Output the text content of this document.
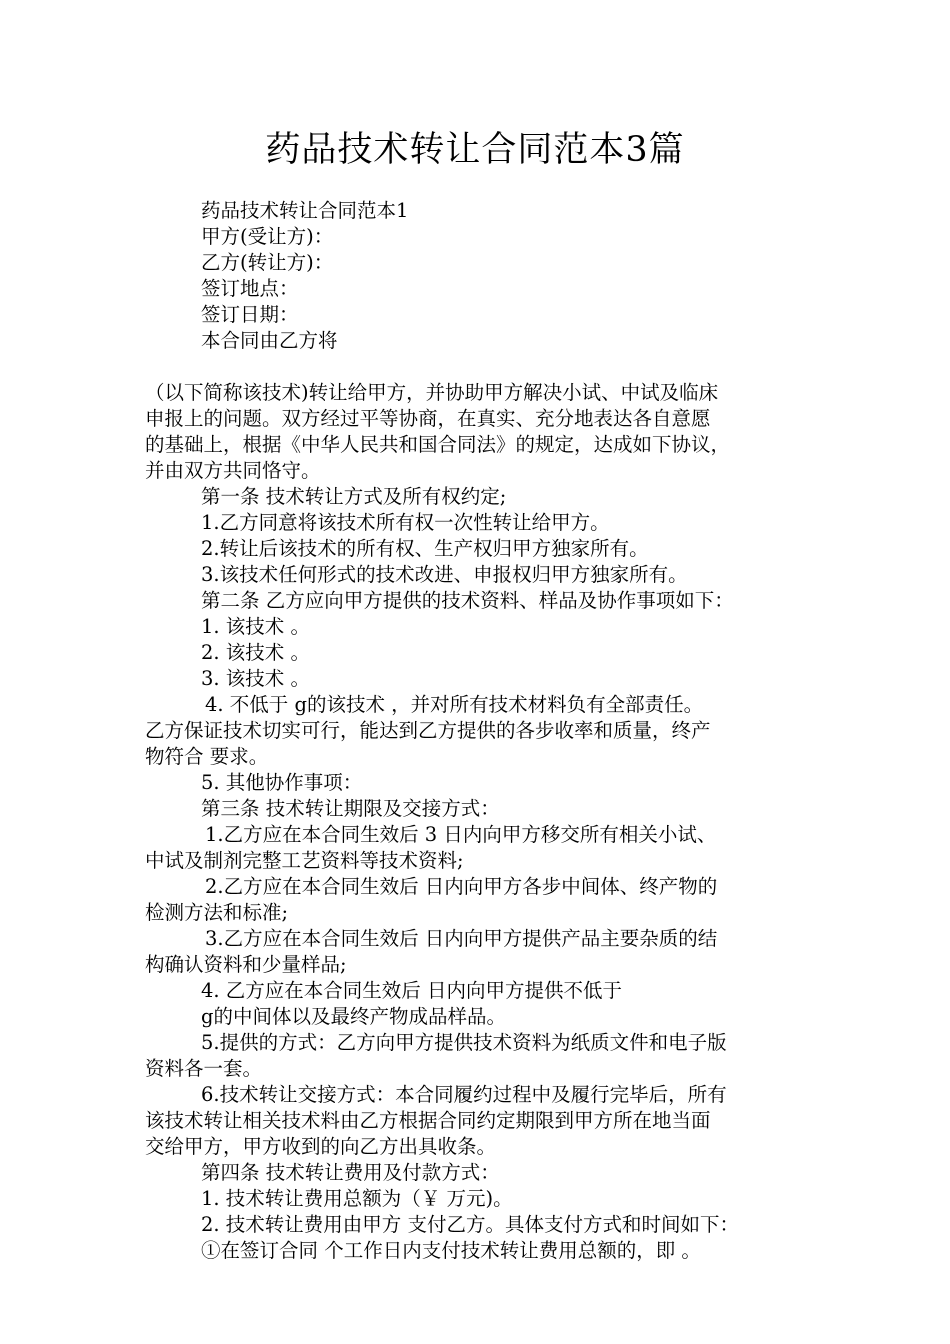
药品技术转让合同范本3篇
药品技术转让合同范本1
甲方(受让方)：
乙方(转让方)：
签订地点：
签订日期：
本合同由乙方将
（以下简称该技术)转让给甲方，并协助甲方解决小试、中试及临床
申报上的问题。双方经过平等协商，在真实、充分地表达各自意愿
的基础上，根据《中华人民共和国合同法》的规定，达成如下协议，
并由双方共同恪守。
第一条 技术转让方式及所有权约定;
1.乙方同意将该技术所有权一次性转让给甲方。
2.转让后该技术的所有权、生产权归甲方独家所有。
3.该技术任何形式的技术改进、申报权归甲方独家所有。
第二条 乙方应向甲方提供的技术资料、样品及协作事项如下：
1. 该技术 。
2. 该技术 。
3. 该技术 。
4. 不低于 g的该技术 ，并对所有技术材料负有全部责任。
乙方保证技术切实可行，能达到乙方提供的各步收率和质量，终产
物符合 要求。
5. 其他协作事项：
第三条 技术转让期限及交接方式：
1.乙方应在本合同生效后 3 日内向甲方移交所有相关小试、
中试及制剂完整工艺资料等技术资料;
2.乙方应在本合同生效后 日内向甲方各步中间体、终产物的
检测方法和标准;
3.乙方应在本合同生效后 日内向甲方提供产品主要杂质的结
构确认资料和少量样品;
4. 乙方应在本合同生效后 日内向甲方提供不低于
g的中间体以及最终产物成品样品。
5.提供的方式：乙方向甲方提供技术资料为纸质文件和电子版
资料各一套。
6.技术转让交接方式：本合同履约过程中及履行完毕后，所有
该技术转让相关技术料由乙方根据合同约定期限到甲方所在地当面
交给甲方，甲方收到的向乙方出具收条。
第四条 技术转让费用及付款方式：
1. 技术转让费用总额为（￥ 万元)。
2. 技术转让费用由甲方 支付乙方。具体支付方式和时间如下：
①在签订合同 个工作日内支付技术转让费用总额的，即 。
